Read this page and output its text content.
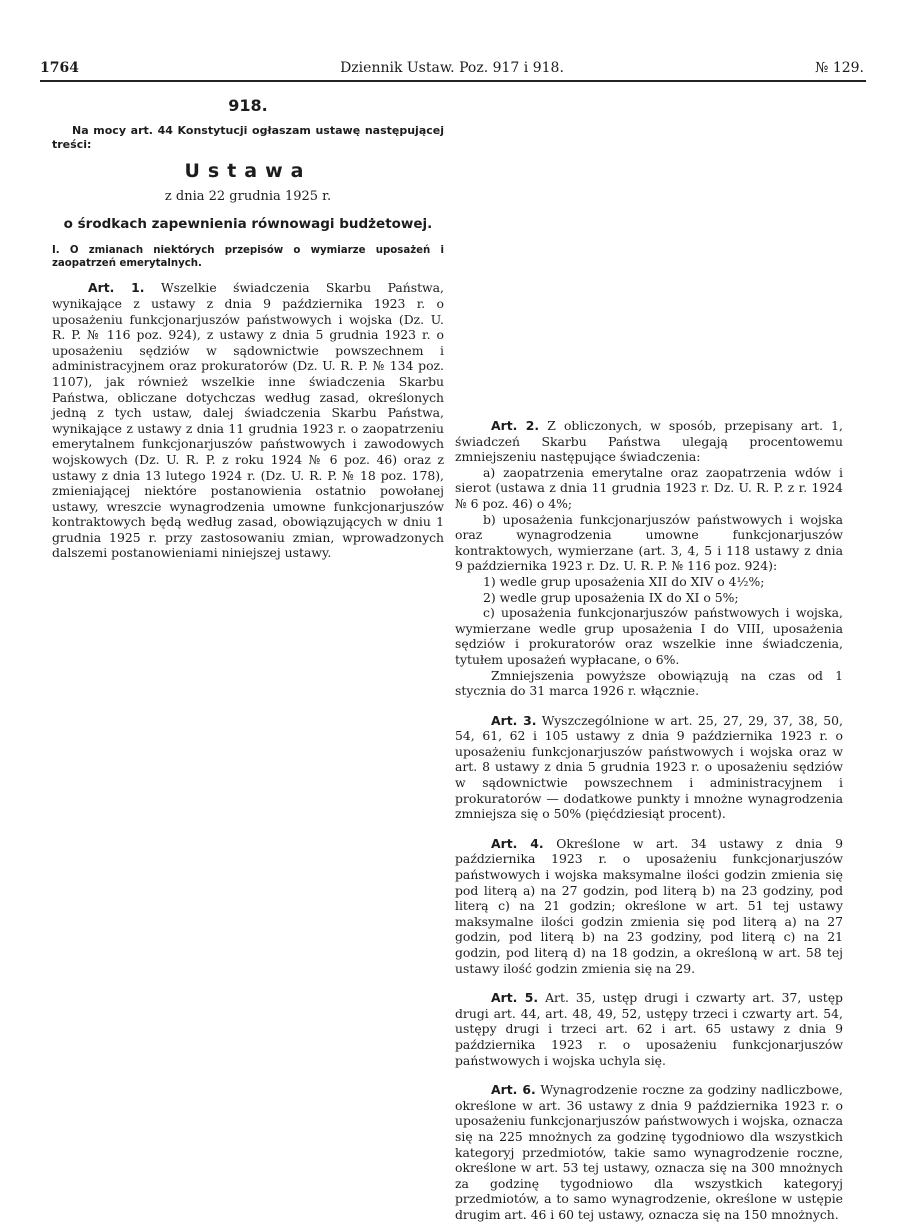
1764	Dziennik Ustaw. Poz. 917 i 918.	№ 129.

918.

Na mocy art. 44 Konstytucji ogłaszam ustawę następującej treści:

Ustawa

z dnia 22 grudnia 1925 r.

o środkach zapewnienia równowagi budżetowej.

I. O zmianach niektórych przepisów o wymiarze uposażeń i zaopatrzeń emerytalnych.

Art. 1. Wszelkie świadczenia Skarbu Państwa, wynikające z ustawy z dnia 9 października 1923 r. o uposażeniu funkcjonarjuszów państwowych i wojska (Dz. U. R. P. № 116 poz. 924), z ustawy z dnia 5 grudnia 1923 r. o uposażeniu sędziów w sądownictwie powszechnem i administracyjnem oraz prokuratorów (Dz. U. R. P. № 134 poz. 1107), jak również wszelkie inne świadczenia Skarbu Państwa, obliczane dotychczas według zasad, określonych jedną z tych ustaw, dalej świadczenia Skarbu Państwa, wynikające z ustawy z dnia 11 grudnia 1923 r. o zaopatrzeniu emerytalnem funkcjonarjuszów państwowych i zawodowych wojskowych (Dz. U. R. P. z roku 1924 № 6 poz. 46) oraz z ustawy z dnia 13 lutego 1924 r. (Dz. U. R. P. № 18 poz. 178), zmieniającej niektóre postanowienia ostatnio powołanej ustawy, wreszcie wynagrodzenia umowne funkcjonarjuszów kontraktowych będą według zasad, obowiązujących w dniu 1 grudnia 1925 r. przy zastosowaniu zmian, wprowadzonych dalszemi postanowieniami niniejszej ustawy.

Art. 2. Z obliczonych, w sposób, przepisany art. 1, świadczeń Skarbu Państwa ulegają procentowemu zmniejszeniu następujące świadczenia:

a) zaopatrzenia emerytalne oraz zaopatrzenia wdów i sierot (ustawa z dnia 11 grudnia 1923 r. Dz. U. R. P. z r. 1924 № 6 poz. 46) o 4%;

b) uposażenia funkcjonarjuszów państwowych i wojska oraz wynagrodzenia umowne funkcjonarjuszów kontraktowych, wymierzane (art. 3, 4, 5 i 118 ustawy z dnia 9 października 1923 r. Dz. U. R. P. № 116 poz. 924):

1) wedle grup uposażenia XII do XIV o 4½%;

2) wedle grup uposażenia IX do XI o 5%;

c) uposażenia funkcjonarjuszów państwowych i wojska, wymierzane wedle grup uposażenia I do VIII, uposażenia sędziów i prokuratorów oraz wszelkie inne świadczenia, tytułem uposażeń wypłacane, o 6%.

Zmniejszenia powyższe obowiązują na czas od 1 stycznia do 31 marca 1926 r. włącznie.

Art. 3. Wyszczególnione w art. 25, 27, 29, 37, 38, 50, 54, 61, 62 i 105 ustawy z dnia 9 października 1923 r. o uposażeniu funkcjonarjuszów państwowych i wojska oraz w art. 8 ustawy z dnia 5 grudnia 1923 r. o uposażeniu sędziów w sądownictwie powszechnem i administracyjnem i prokuratorów — dodatkowe punkty i mnożne wynagrodzenia zmniejsza się o 50% (pięćdziesiąt procent).

Art. 4. Określone w art. 34 ustawy z dnia 9 października 1923 r. o uposażeniu funkcjonarjuszów państwowych i wojska maksymalne ilości godzin zmienia się pod literą a) na 27 godzin, pod literą b) na 23 godziny, pod literą c) na 21 godzin; określone w art. 51 tej ustawy maksymalne ilości godzin zmienia się pod literą a) na 27 godzin, pod literą b) na 23 godziny, pod literą c) na 21 godzin, pod literą d) na 18 godzin, a określoną w art. 58 tej ustawy ilość godzin zmienia się na 29.

Art. 5. Art. 35, ustęp drugi i czwarty art. 37, ustęp drugi art. 44, art. 48, 49, 52, ustępy trzeci i czwarty art. 54, ustępy drugi i trzeci art. 62 i art. 65 ustawy z dnia 9 października 1923 r. o uposażeniu funkcjonarjuszów państwowych i wojska uchyla się.

Art. 6. Wynagrodzenie roczne za godziny nadliczbowe, określone w art. 36 ustawy z dnia 9 października 1923 r. o uposażeniu funkcjonarjuszów państwowych i wojska, oznacza się na 225 mnożnych za godzinę tygodniowo dla wszystkich kategoryj przedmiotów, takie samo wynagrodzenie roczne, określone w art. 53 tej ustawy, oznacza się na 300 mnożnych za godzinę tygodniowo dla wszystkich kategoryj przedmiotów, a to samo wynagrodzenie, określone w ustępie drugim art. 46 i 60 tej ustawy, oznacza się na 150 mnożnych.
